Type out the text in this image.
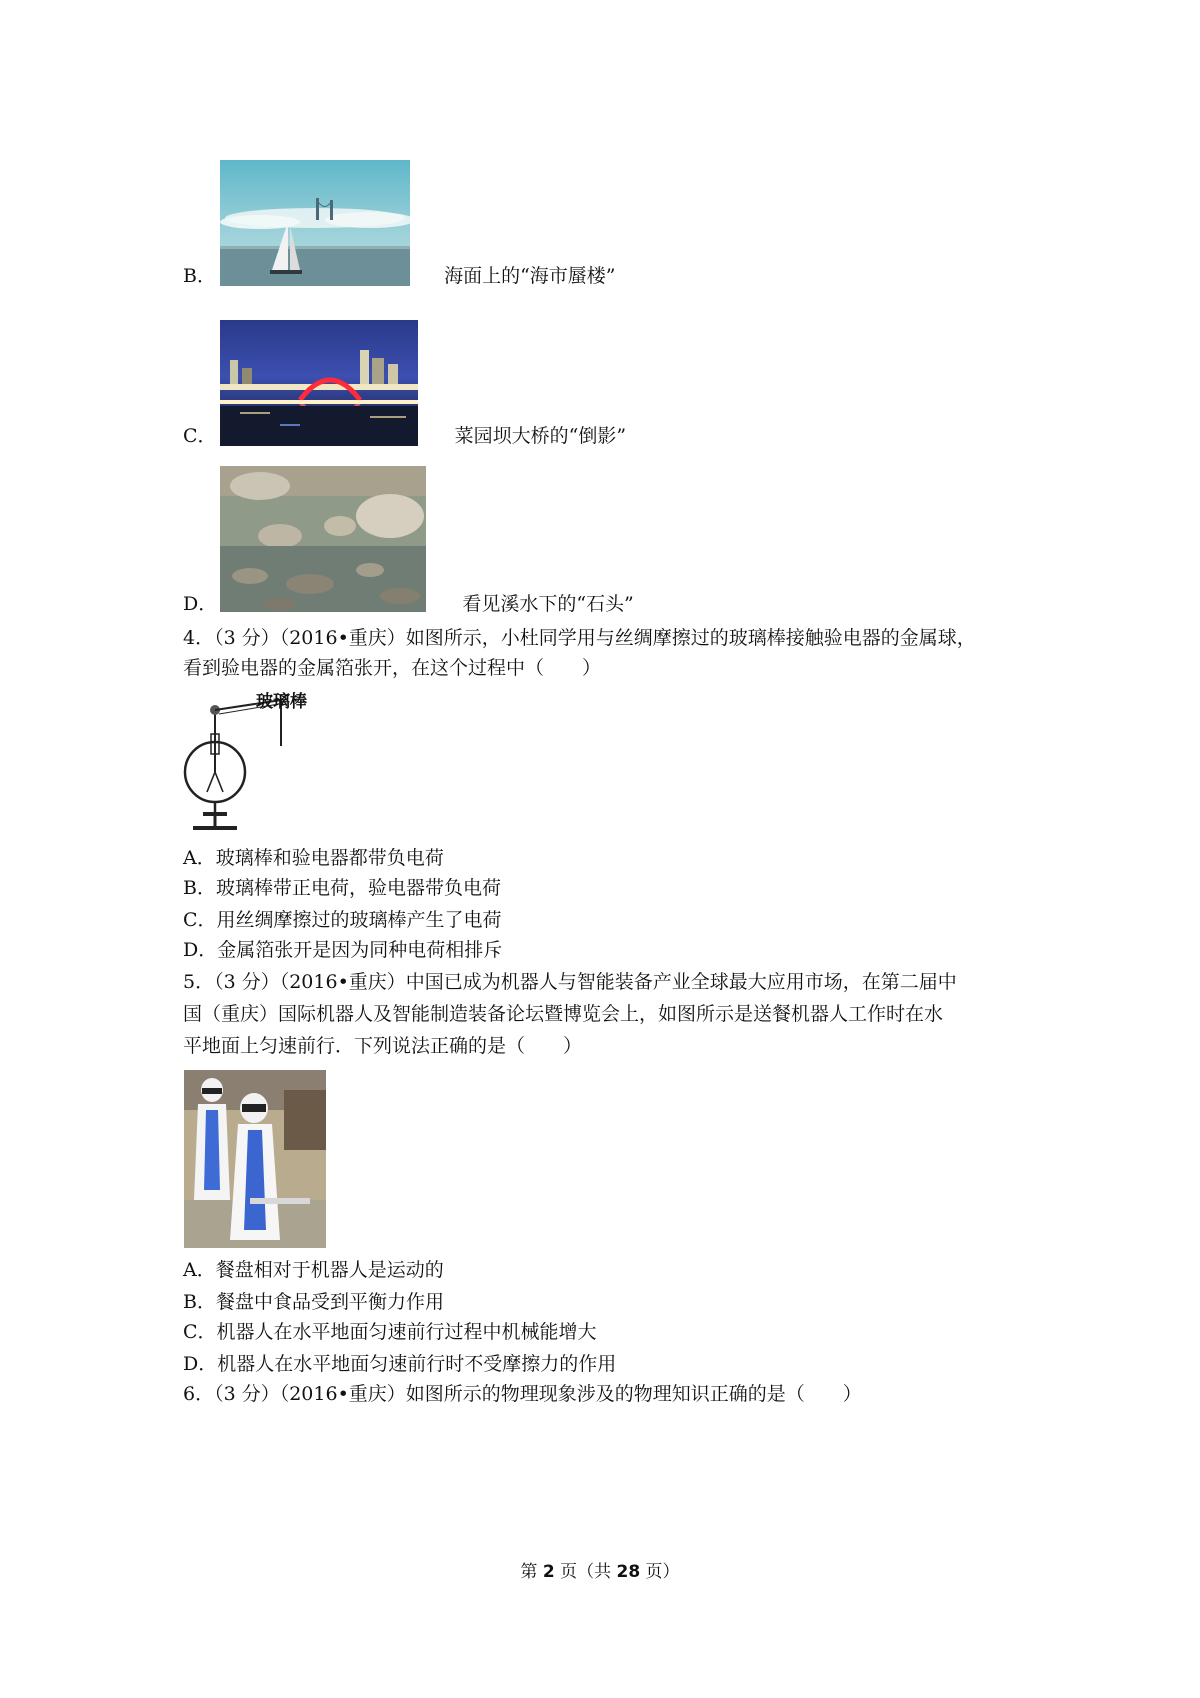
B．	海面上的“海市蜃楼”
C．	菜园坝大桥的“倒影”
D．	看见溪水下的“石头”
4．（3 分）（2016•重庆）如图所示，小杜同学用与丝绸摩擦过的玻璃棒接触验电器的金属球，
看到验电器的金属箔张开，在这个过程中（　　）
玻璃棒
A．玻璃棒和验电器都带负电荷
B．玻璃棒带正电荷，验电器带负电荷
C．用丝绸摩擦过的玻璃棒产生了电荷
D．金属箔张开是因为同种电荷相排斥
5．（3 分）（2016•重庆）中国已成为机器人与智能装备产业全球最大应用市场，在第二届中
国（重庆）国际机器人及智能制造装备论坛暨博览会上，如图所示是送餐机器人工作时在水
平地面上匀速前行．下列说法正确的是（　　）
A．餐盘相对于机器人是运动的
B．餐盘中食品受到平衡力作用
C．机器人在水平地面匀速前行过程中机械能增大
D．机器人在水平地面匀速前行时不受摩擦力的作用
6．（3 分）（2016•重庆）如图所示的物理现象涉及的物理知识正确的是（　　）
第 2 页（共 28 页）
